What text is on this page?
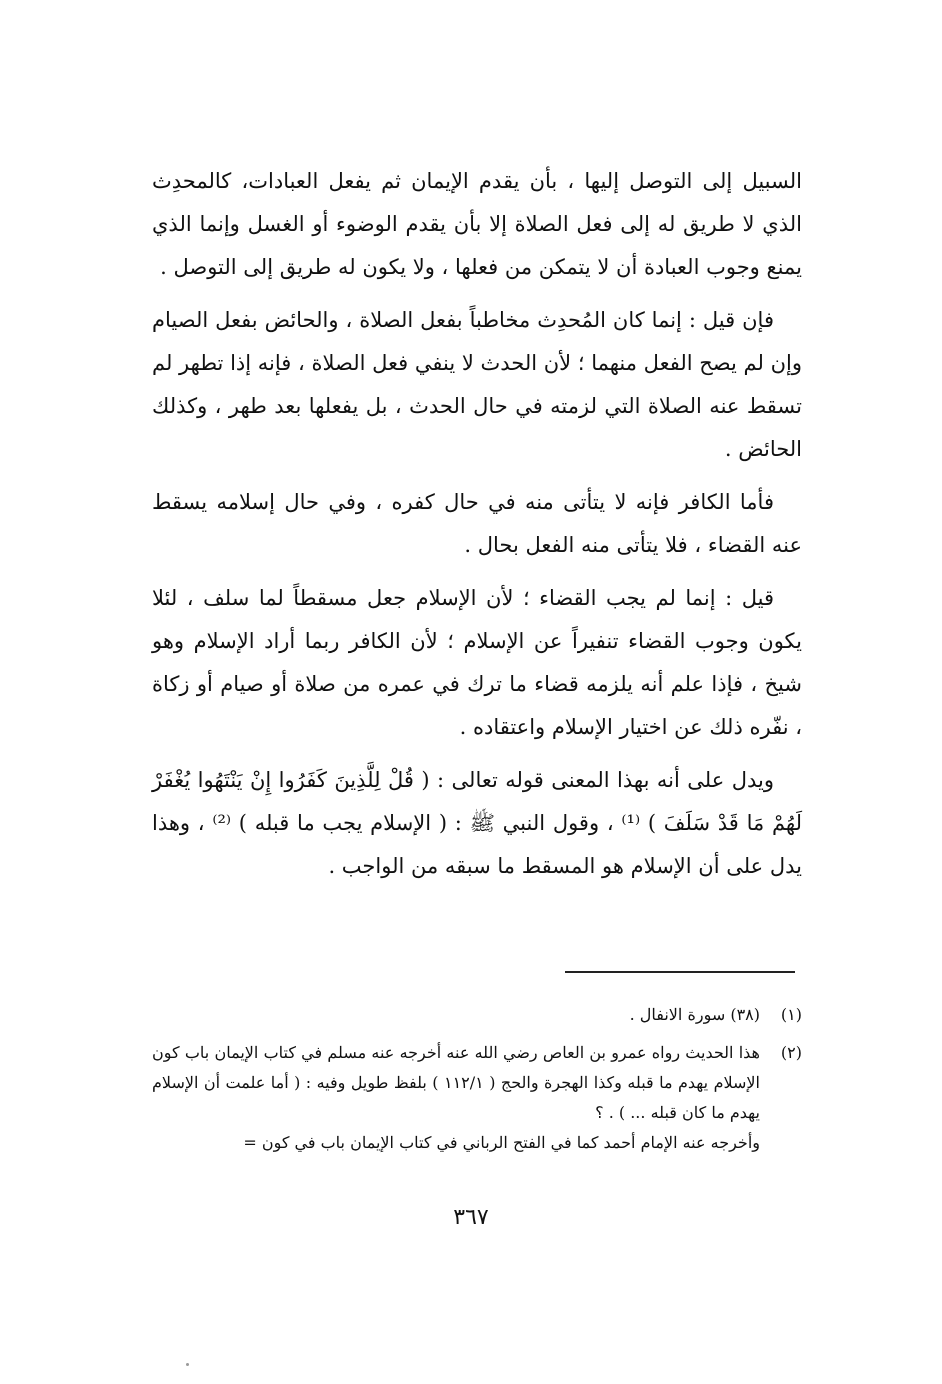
السبيل إلى التوصل إليها ، بأن يقدم الإيمان ثم يفعل العبادات، كالمحدِث الذي لا طريق له إلى فعل الصلاة إلا بأن يقدم الوضوء أو الغسل وإنما الذي يمنع وجوب العبادة أن لا يتمكن من فعلها ، ولا يكون له طريق إلى التوصل .

فإن قيل : إنما كان المُحدِث مخاطباً بفعل الصلاة ، والحائض بفعل الصيام وإن لم يصح الفعل منهما ؛ لأن الحدث لا ينفي فعل الصلاة ، فإنه إذا تطهر لم تسقط عنه الصلاة التي لزمته في حال الحدث ، بل يفعلها بعد طهر ، وكذلك الحائض .

فأما الكافر فإنه لا يتأتى منه في حال كفره ، وفي حال إسلامه يسقط عنه القضاء ، فلا يتأتى منه الفعل بحال .

قيل : إنما لم يجب القضاء ؛ لأن الإسلام جعل مسقطاً لما سلف ، لئلا يكون وجوب القضاء تنفيراً عن الإسلام ؛ لأن الكافر ربما أراد الإسلام وهو شيخ ، فإذا علم أنه يلزمه قضاء ما ترك في عمره من صلاة أو صيام أو زكاة ، نفّره ذلك عن اختيار الإسلام واعتقاده .

ويدل على أنه بهذا المعنى قوله تعالى : ( قُلْ لِلَّذِينَ كَفَرُوا إِنْ يَنْتَهُوا يُغْفَرْ لَهُمْ مَا قَدْ سَلَفَ ) ⁽¹⁾ ، وقول النبي ﷺ : ( الإسلام يجب ما قبله ) ⁽²⁾ ، وهذا يدل على أن الإسلام هو المسقط ما سبقه من الواجب .

(١)
(٣٨) سورة الانفال .
(٢)
هذا الحديث رواه عمرو بن العاص رضي الله عنه أخرجه عنه مسلم في كتاب الإيمان باب كون الإسلام يهدم ما قبله وكذا الهجرة والحج ( ١١٢/١ ) بلفظ طويل وفيه : ( أما علمت أن الإسلام يهدم ما كان قبله ... ) . ؟
وأخرجه عنه الإمام أحمد كما في الفتح الرباني في كتاب الإيمان باب في كون =
٣٦٧
